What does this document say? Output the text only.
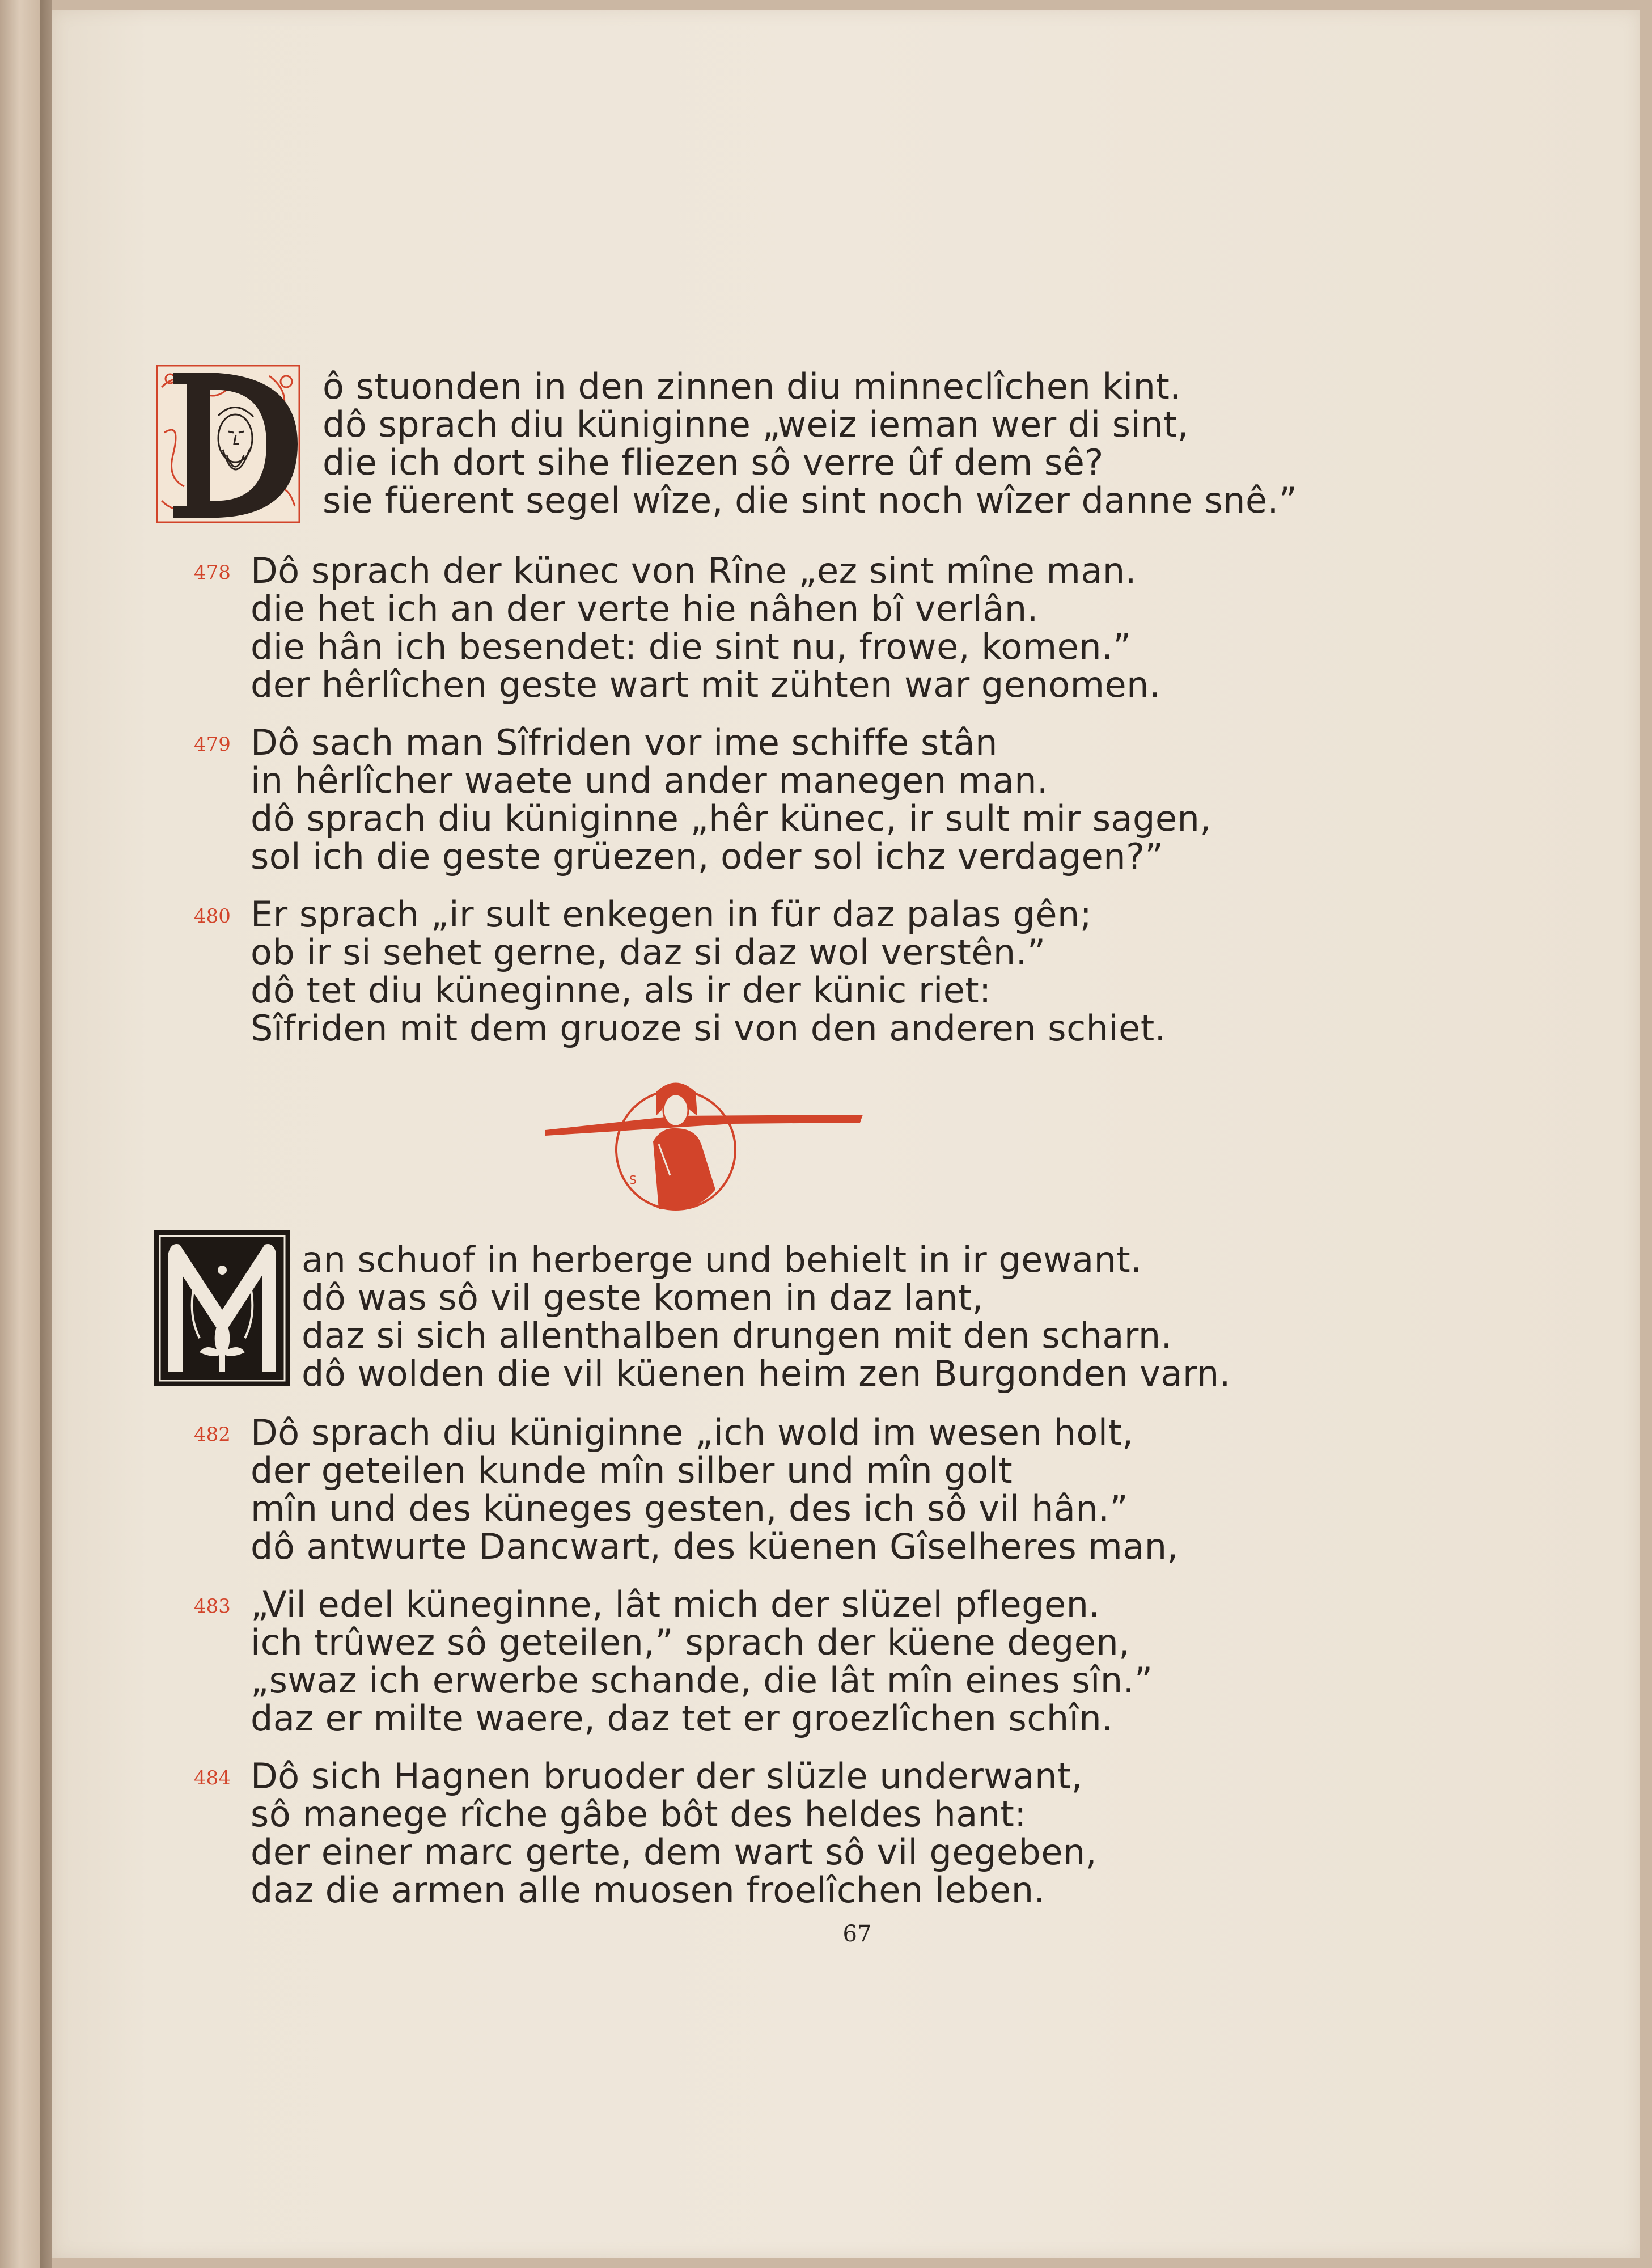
ô stuonden in den zinnen diu minneclîchen kint.
dô sprach diu küniginne „weiz ieman wer di sint,
die ich dort sihe fliezen sô verre ûf dem sê?
sie füerent segel wîze, die sint noch wîzer danne snê.”
478 Dô sprach der künec von Rîne „ez sint mîne man.
die het ich an der verte hie nâhen bî verlân.
die hân ich besendet: die sint nu, frowe, komen.”
der hêrlîchen geste wart mit zühten war genomen.
479 Dô sach man Sîfriden vor ime schiffe stân
in hêrlîcher waete und ander manegen man.
dô sprach diu küniginne „hêr künec, ir sult mir sagen,
sol ich die geste grüezen, oder sol ichz verdagen?”
480 Er sprach „ir sult enkegen in für daz palas gên;
ob ir si sehet gerne, daz si daz wol verstên.”
dô tet diu küneginne, als ir der künic riet:
Sîfriden mit dem gruoze si von den anderen schiet.
S
an schuof in herberge und behielt in ir gewant.
dô was sô vil geste komen in daz lant,
daz si sich allenthalben drungen mit den scharn.
dô wolden die vil küenen heim zen Burgonden varn.
482 Dô sprach diu küniginne „ich wold im wesen holt,
der geteilen kunde mîn silber und mîn golt
mîn und des küneges gesten, des ich sô vil hân.”
dô antwurte Dancwart, des küenen Gîselheres man,
483 „Vil edel küneginne, lât mich der slüzel pflegen.
ich trûwez sô geteilen,” sprach der küene degen,
„swaz ich erwerbe schande, die lât mîn eines sîn.”
daz er milte waere, daz tet er groezlîchen schîn.
484 Dô sich Hagnen bruoder der slüzle underwant,
sô manege rîche gâbe bôt des heldes hant:
der einer marc gerte, dem wart sô vil gegeben,
daz die armen alle muosen froelîchen leben.
67
